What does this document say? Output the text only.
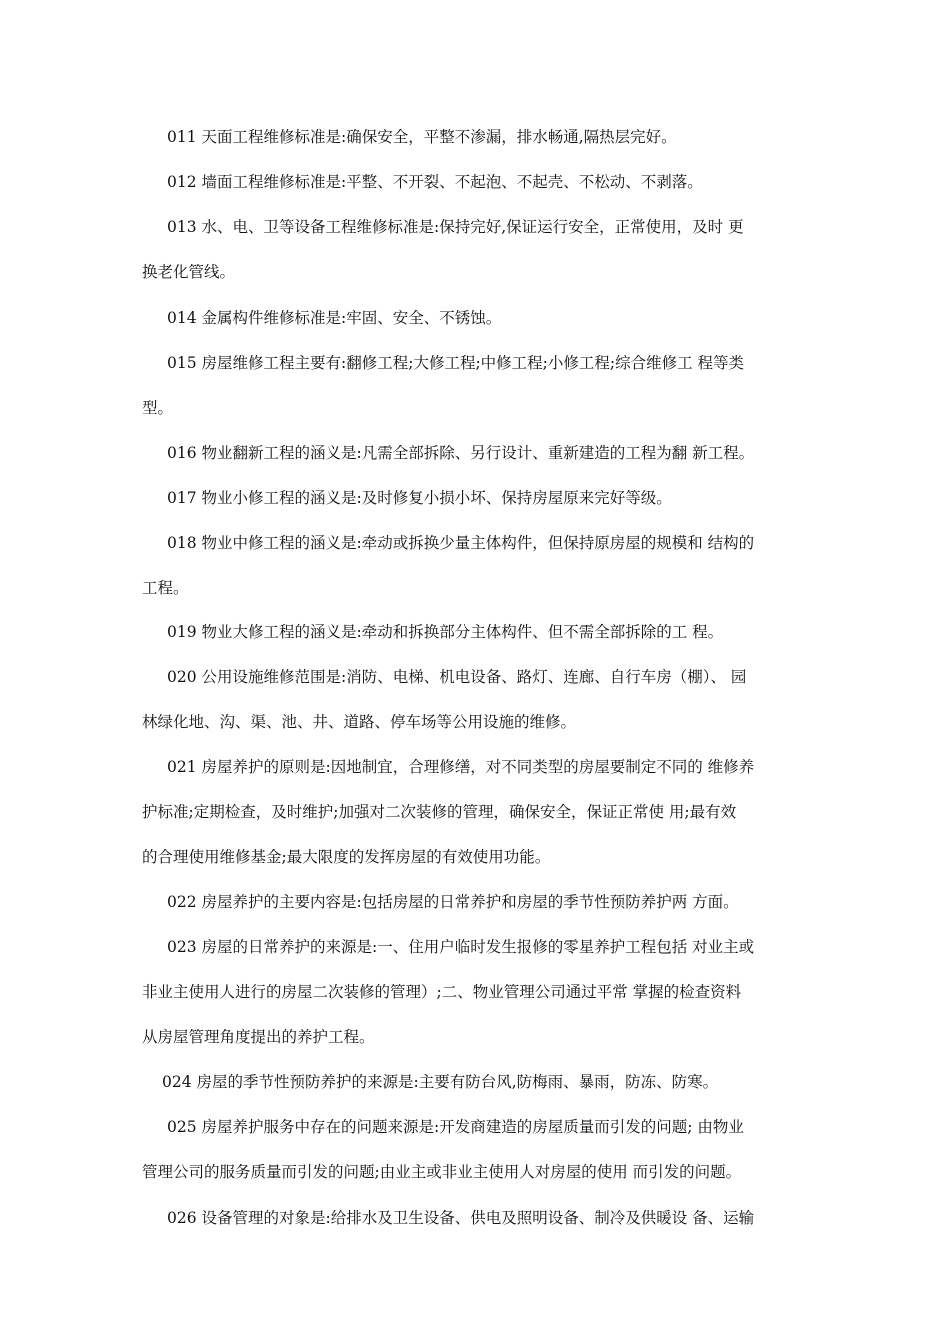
011 天面工程维修标准是:确保安全，平整不渗漏，排水畅通,隔热层完好。
012 墙面工程维修标准是:平整、不开裂、不起泡、不起壳、不松动、不剥落。
013 水、电、卫等设备工程维修标准是:保持完好,保证运行安全，正常使用，及时 更
换老化管线。
014 金属构件维修标准是:牢固、安全、不锈蚀。
015 房屋维修工程主要有:翻修工程;大修工程;中修工程;小修工程;综合维修工 程等类
型。
016 物业翻新工程的涵义是:凡需全部拆除、另行设计、重新建造的工程为翻 新工程。
017 物业小修工程的涵义是:及时修复小损小坏、保持房屋原来完好等级。
018 物业中修工程的涵义是:牵动或拆换少量主体构件，但保持原房屋的规模和 结构的
工程。
019 物业大修工程的涵义是:牵动和拆换部分主体构件、但不需全部拆除的工 程。
020 公用设施维修范围是:消防、电梯、机电设备、路灯、连廊、自行车房（棚）、 园
林绿化地、沟、渠、池、井、道路、停车场等公用设施的维修。
021 房屋养护的原则是:因地制宜，合理修缮，对不同类型的房屋要制定不同的 维修养
护标准;定期检查，及时维护;加强对二次装修的管理，确保安全，保证正常使 用;最有效
的合理使用维修基金;最大限度的发挥房屋的有效使用功能。
022 房屋养护的主要内容是:包括房屋的日常养护和房屋的季节性预防养护两 方面。
023 房屋的日常养护的来源是:一、住用户临时发生报修的零星养护工程包括 对业主或
非业主使用人进行的房屋二次装修的管理）;二、物业管理公司通过平常 掌握的检查资料
从房屋管理角度提出的养护工程。
024 房屋的季节性预防养护的来源是:主要有防台风,防梅雨、暴雨，防冻、防寒。
025 房屋养护服务中存在的问题来源是:开发商建造的房屋质量而引发的问题; 由物业
管理公司的服务质量而引发的问题;由业主或非业主使用人对房屋的使用 而引发的问题。
026 设备管理的对象是:给排水及卫生设备、供电及照明设备、制冷及供暖设 备、运输
